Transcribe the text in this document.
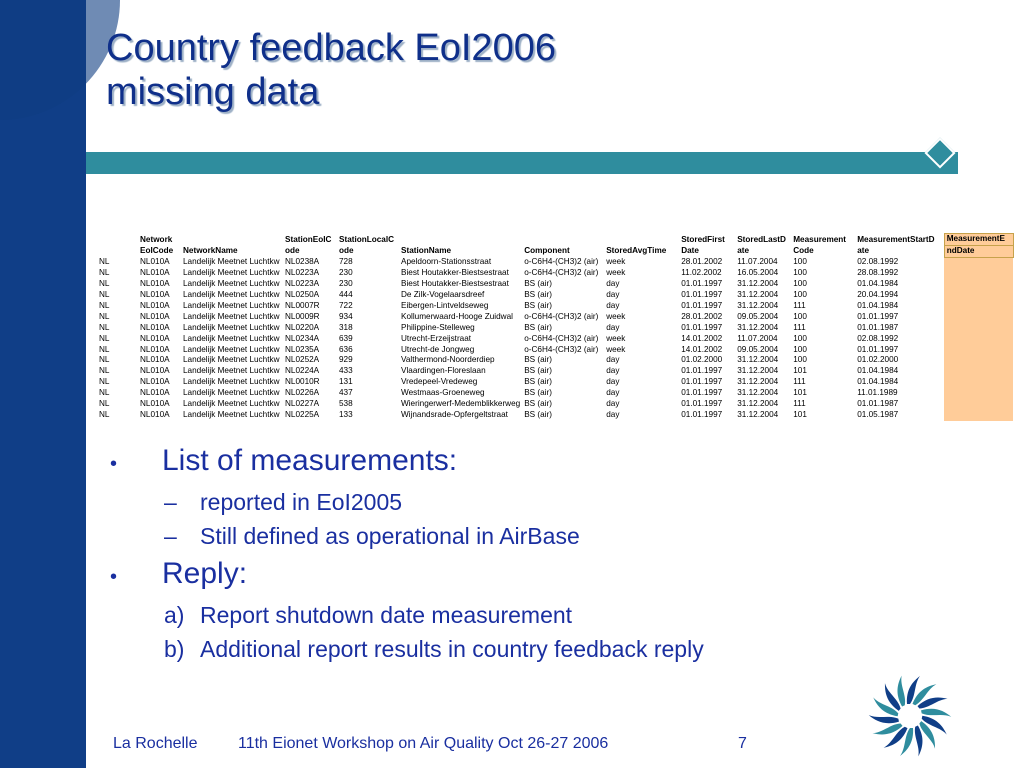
Country feedback EoI2006
missing data
	Network		StationEoIC	StationLocalC				StoredFirst	StoredLastD	Measurement	MeasurementStartD	MeasurementE
	EoICode	NetworkName	ode	ode	StationName	Component	StoredAvgTime	Date	ate	Code	ate	ndDate
NL	NL010A	Landelijk Meetnet Luchtkw	NL0238A	728	Apeldoorn-Stationsstraat	o-C6H4-(CH3)2 (air)	week	28.01.2002	11.07.2004	100	02.08.1992	
NL	NL010A	Landelijk Meetnet Luchtkw	NL0223A	230	Biest Houtakker-Biestsestraat	o-C6H4-(CH3)2 (air)	week	11.02.2002	16.05.2004	100	28.08.1992	
NL	NL010A	Landelijk Meetnet Luchtkw	NL0223A	230	Biest Houtakker-Biestsestraat	BS (air)	day	01.01.1997	31.12.2004	100	01.04.1984	
NL	NL010A	Landelijk Meetnet Luchtkw	NL0250A	444	De Zilk-Vogelaarsdreef	BS (air)	day	01.01.1997	31.12.2004	100	20.04.1994	
NL	NL010A	Landelijk Meetnet Luchtkw	NL0007R	722	Eibergen-Lintveldseweg	BS (air)	day	01.01.1997	31.12.2004	111	01.04.1984	
NL	NL010A	Landelijk Meetnet Luchtkw	NL0009R	934	Kollumerwaard-Hooge Zuidwal	o-C6H4-(CH3)2 (air)	week	28.01.2002	09.05.2004	100	01.01.1997	
NL	NL010A	Landelijk Meetnet Luchtkw	NL0220A	318	Philippine-Stelleweg	BS (air)	day	01.01.1997	31.12.2004	111	01.01.1987	
NL	NL010A	Landelijk Meetnet Luchtkw	NL0234A	639	Utrecht-Erzeijstraat	o-C6H4-(CH3)2 (air)	week	14.01.2002	11.07.2004	100	02.08.1992	
NL	NL010A	Landelijk Meetnet Luchtkw	NL0235A	636	Utrecht-de Jongweg	o-C6H4-(CH3)2 (air)	week	14.01.2002	09.05.2004	100	01.01.1997	
NL	NL010A	Landelijk Meetnet Luchtkw	NL0252A	929	Valthermond-Noorderdiep	BS (air)	day	01.02.2000	31.12.2004	100	01.02.2000	
NL	NL010A	Landelijk Meetnet Luchtkw	NL0224A	433	Vlaardingen-Floreslaan	BS (air)	day	01.01.1997	31.12.2004	101	01.04.1984	
NL	NL010A	Landelijk Meetnet Luchtkw	NL0010R	131	Vredepeel-Vredeweg	BS (air)	day	01.01.1997	31.12.2004	111	01.04.1984	
NL	NL010A	Landelijk Meetnet Luchtkw	NL0226A	437	Westmaas-Groeneweg	BS (air)	day	01.01.1997	31.12.2004	101	11.01.1989	
NL	NL010A	Landelijk Meetnet Luchtkw	NL0227A	538	Wieringerwerf-Medemblikkerweg	BS (air)	day	01.01.1997	31.12.2004	111	01.01.1987	
NL	NL010A	Landelijk Meetnet Luchtkw	NL0225A	133	Wijnandsrade-Opfergeltstraat	BS (air)	day	01.01.1997	31.12.2004	101	01.05.1987	
• List of measurements:
– reported in EoI2005
– Still defined as operational in AirBase
• Reply:
a) Report shutdown date measurement
b) Additional report results in country feedback reply
La Rochelle	11th Eionet Workshop on Air Quality Oct 26-27 2006	7
